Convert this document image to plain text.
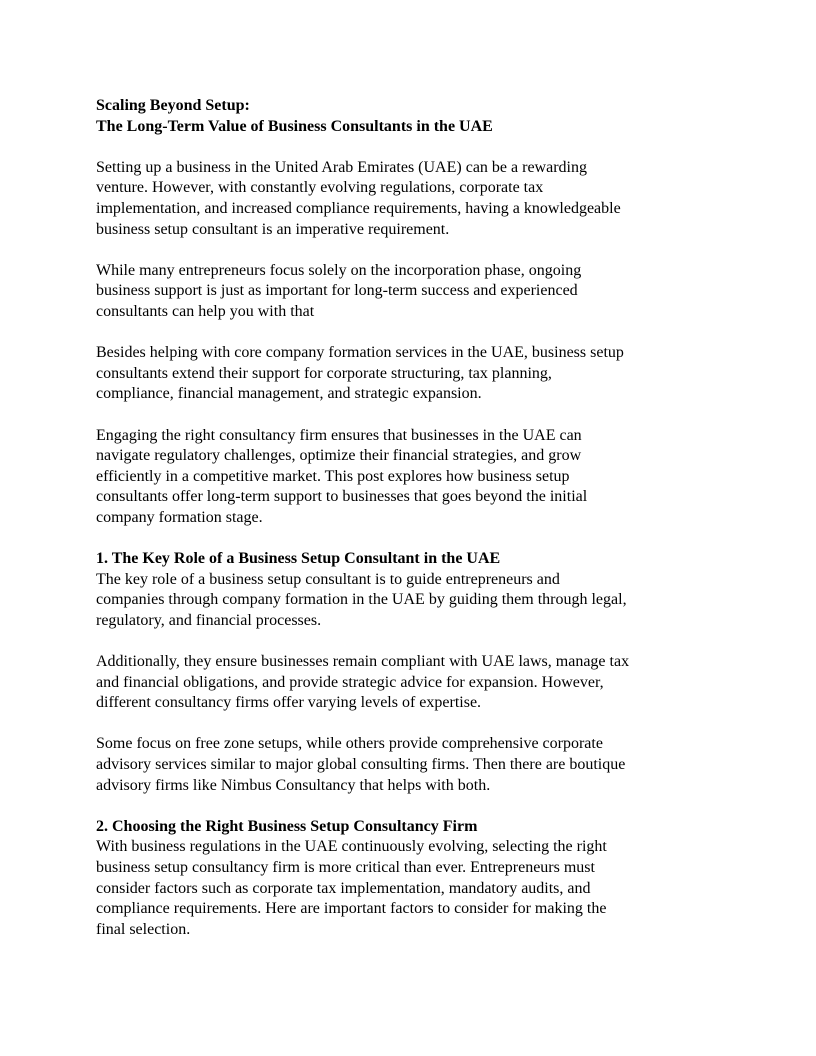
Scaling Beyond Setup:
The Long-Term Value of Business Consultants in the UAE
Setting up a business in the United Arab Emirates (UAE) can be a rewarding
venture. However, with constantly evolving regulations, corporate tax
implementation, and increased compliance requirements, having a knowledgeable
business setup consultant is an imperative requirement.
While many entrepreneurs focus solely on the incorporation phase, ongoing
business support is just as important for long-term success and experienced
consultants can help you with that
Besides helping with core company formation services in the UAE, business setup
consultants extend their support for corporate structuring, tax planning,
compliance, financial management, and strategic expansion.
Engaging the right consultancy firm ensures that businesses in the UAE can
navigate regulatory challenges, optimize their financial strategies, and grow
efficiently in a competitive market. This post explores how business setup
consultants offer long-term support to businesses that goes beyond the initial
company formation stage.
1. The Key Role of a Business Setup Consultant in the UAE
The key role of a business setup consultant is to guide entrepreneurs and
companies through company formation in the UAE by guiding them through legal,
regulatory, and financial processes.
Additionally, they ensure businesses remain compliant with UAE laws, manage tax
and financial obligations, and provide strategic advice for expansion. However,
different consultancy firms offer varying levels of expertise.
Some focus on free zone setups, while others provide comprehensive corporate
advisory services similar to major global consulting firms. Then there are boutique
advisory firms like Nimbus Consultancy that helps with both.
2. Choosing the Right Business Setup Consultancy Firm
With business regulations in the UAE continuously evolving, selecting the right
business setup consultancy firm is more critical than ever. Entrepreneurs must
consider factors such as corporate tax implementation, mandatory audits, and
compliance requirements. Here are important factors to consider for making the
final selection.
